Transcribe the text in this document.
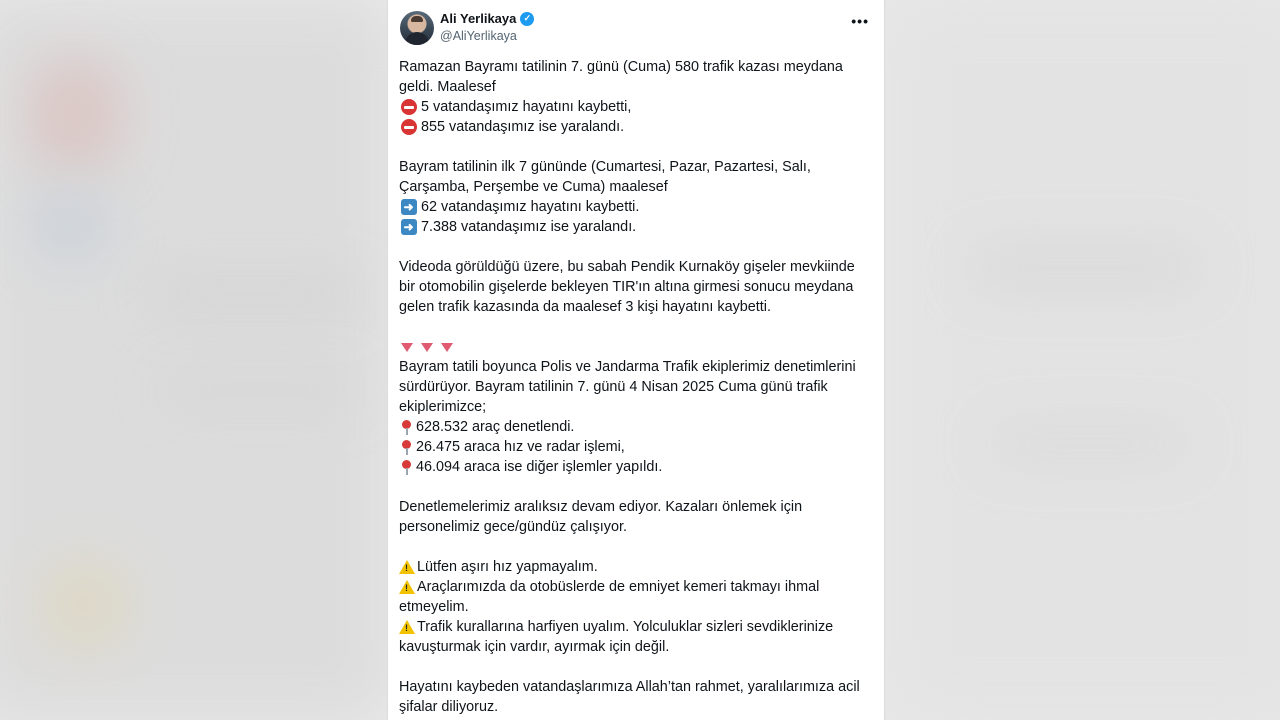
Ali Yerlikaya ✓
@AliYerlikaya
•••
Ramazan Bayramı tatilinin 7. günü (Cuma) 580 trafik kazası meydana
geldi. Maalesef
5 vatandaşımız hayatını kaybetti,
855 vatandaşımız ise yaralandı.
Bayram tatilinin ilk 7 gününde (Cumartesi, Pazar, Pazartesi, Salı,
Çarşamba, Perşembe ve Cuma) maalesef
➜ 62 vatandaşımız hayatını kaybetti.
➜ 7.388 vatandaşımız ise yaralandı.
Videoda görüldüğü üzere, bu sabah Pendik Kurnaköy gişeler mevkiinde
bir otomobilin gişelerde bekleyen TIR'ın altına girmesi sonucu meydana
gelen trafik kazasında da maalesef 3 kişi hayatını kaybetti.
Bayram tatili boyunca Polis ve Jandarma Trafik ekiplerimiz denetimlerini
sürdürüyor. Bayram tatilinin 7. günü 4 Nisan 2025 Cuma günü trafik
ekiplerimizce;
628.532 araç denetlendi.
26.475 araca hız ve radar işlemi,
46.094 araca ise diğer işlemler yapıldı.
Denetlemelerimiz aralıksız devam ediyor. Kazaları önlemek için
personelimiz gece/gündüz çalışıyor.
! Lütfen aşırı hız yapmayalım.
! Araçlarımızda da otobüslerde de emniyet kemeri takmayı ihmal
etmeyelim.
! Trafik kurallarına harfiyen uyalım. Yolculuklar sizleri sevdiklerinize
kavuşturmak için vardır, ayırmak için değil.
Hayatını kaybeden vatandaşlarımıza Allah’tan rahmet, yaralılarımıza acil
şifalar diliyoruz.
